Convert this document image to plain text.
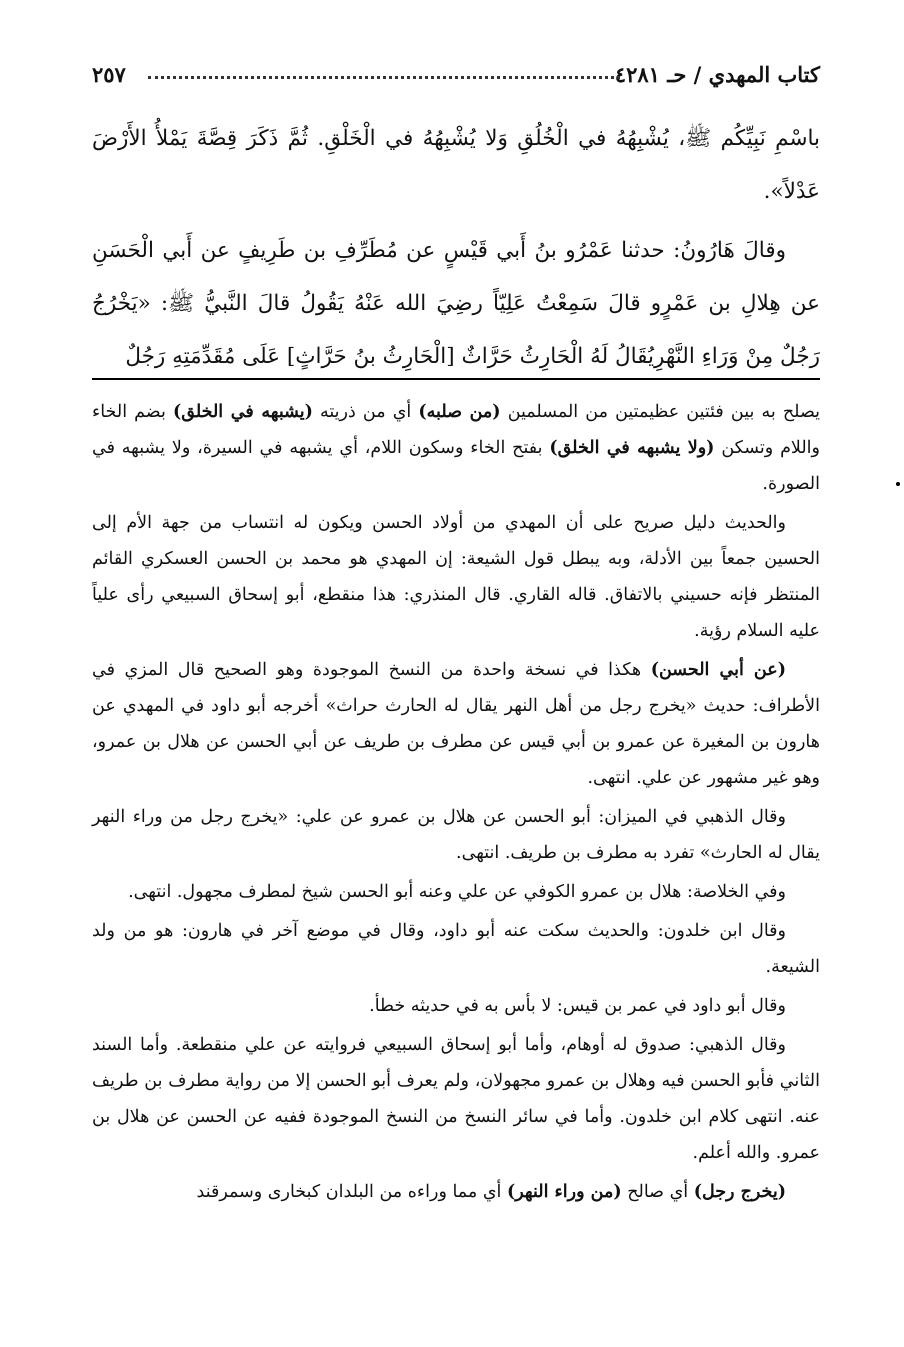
كتاب المهدي / حـ ٤٢٨١
٢٥٧

باسْمِ نَبِيِّكُم ﷺ، يُشْبِهُهُ في الْخُلُقِ وَلا يُشْبِهُهُ في الْخَلْقِ. ثُمَّ ذَكَرَ قِصَّةَ يَمْلأُ الأَرْضَ عَدْلاً».

وقالَ هَارُونُ: حدثنا عَمْرُو بنُ أَبي قَيْسٍ عن مُطَرِّفِ بن طَرِيفٍ عن أَبي الْحَسَنِ عن هِلالِ بن عَمْرٍو قالَ سَمِعْتُ عَلِيّاً رضِيَ الله عَنْهُ يَقُولُ قالَ النَّبيُّ ﷺ: «يَخْرُجُ رَجُلٌ مِنْ وَرَاءِ النَّهْرِيُقَالُ لَهُ الْحَارِثُ حَرَّاثٌ [الْحَارِثُ بنُ حَرَّاثٍ] عَلَى مُقَدِّمَتِهِ رَجُلٌ

يصلح به بين فئتين عظيمتين من المسلمين (من صلبه) أي من ذريته (يشبهه في الخلق) بضم الخاء واللام وتسكن (ولا يشبهه في الخلق) بفتح الخاء وسكون اللام، أي يشبهه في السيرة، ولا يشبهه في الصورة.

والحديث دليل صريح على أن المهدي من أولاد الحسن ويكون له انتساب من جهة الأم إلى الحسين جمعاً بين الأدلة، وبه يبطل قول الشيعة: إن المهدي هو محمد بن الحسن العسكري القائم المنتظر فإنه حسيني بالاتفاق. قاله القاري. قال المنذري: هذا منقطع، أبو إسحاق السبيعي رأى علياً عليه السلام رؤية.

(عن أبي الحسن) هكذا في نسخة واحدة من النسخ الموجودة وهو الصحيح قال المزي في الأطراف: حديث «يخرج رجل من أهل النهر يقال له الحارث حراث» أخرجه أبو داود في المهدي عن هارون بن المغيرة عن عمرو بن أبي قيس عن مطرف بن طريف عن أبي الحسن عن هلال بن عمرو، وهو غير مشهور عن علي. انتهى.

وقال الذهبي في الميزان: أبو الحسن عن هلال بن عمرو عن علي: «يخرج رجل من وراء النهر يقال له الحارث» تفرد به مطرف بن طريف. انتهى.

وفي الخلاصة: هلال بن عمرو الكوفي عن علي وعنه أبو الحسن شيخ لمطرف مجهول. انتهى.

وقال ابن خلدون: والحديث سكت عنه أبو داود، وقال في موضع آخر في هارون: هو من ولد الشيعة.

وقال أبو داود في عمر بن قيس: لا بأس به في حديثه خطأ.

وقال الذهبي: صدوق له أوهام، وأما أبو إسحاق السبيعي فروايته عن علي منقطعة. وأما السند الثاني فأبو الحسن فيه وهلال بن عمرو مجهولان، ولم يعرف أبو الحسن إلا من رواية مطرف بن طريف عنه. انتهى كلام ابن خلدون. وأما في سائر النسخ من النسخ الموجودة ففيه عن الحسن عن هلال بن عمرو. والله أعلم.

(يخرج رجل) أي صالح (من وراء النهر) أي مما وراءه من البلدان كبخارى وسمرقند
